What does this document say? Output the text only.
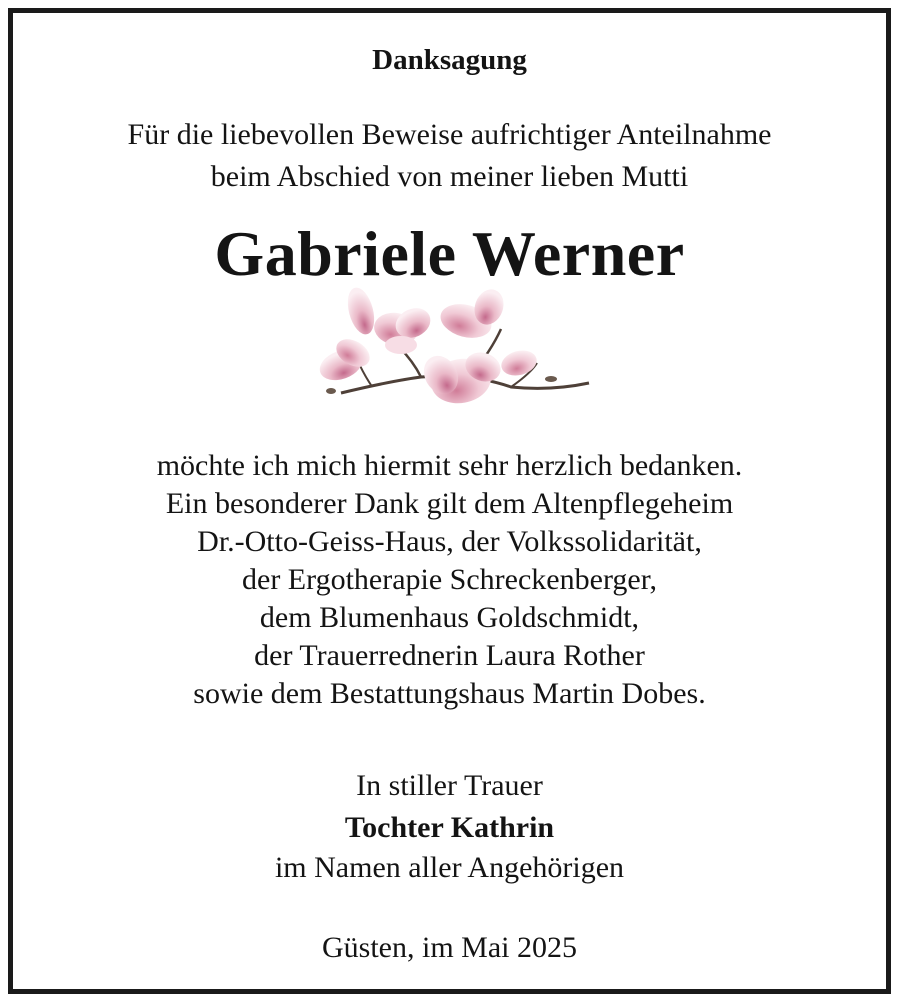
Danksagung
Für die liebevollen Beweise aufrichtiger Anteilnahme
beim Abschied von meiner lieben Mutti
Gabriele Werner
möchte ich mich hiermit sehr herzlich bedanken.
Ein besonderer Dank gilt dem Altenpflegeheim
Dr.-Otto-Geiss-Haus, der Volkssolidarität,
der Ergotherapie Schreckenberger,
dem Blumenhaus Goldschmidt,
der Trauerrednerin Laura Rother
sowie dem Bestattungshaus Martin Dobes.
In stiller Trauer
Tochter Kathrin
im Namen aller Angehörigen
Güsten, im Mai 2025
